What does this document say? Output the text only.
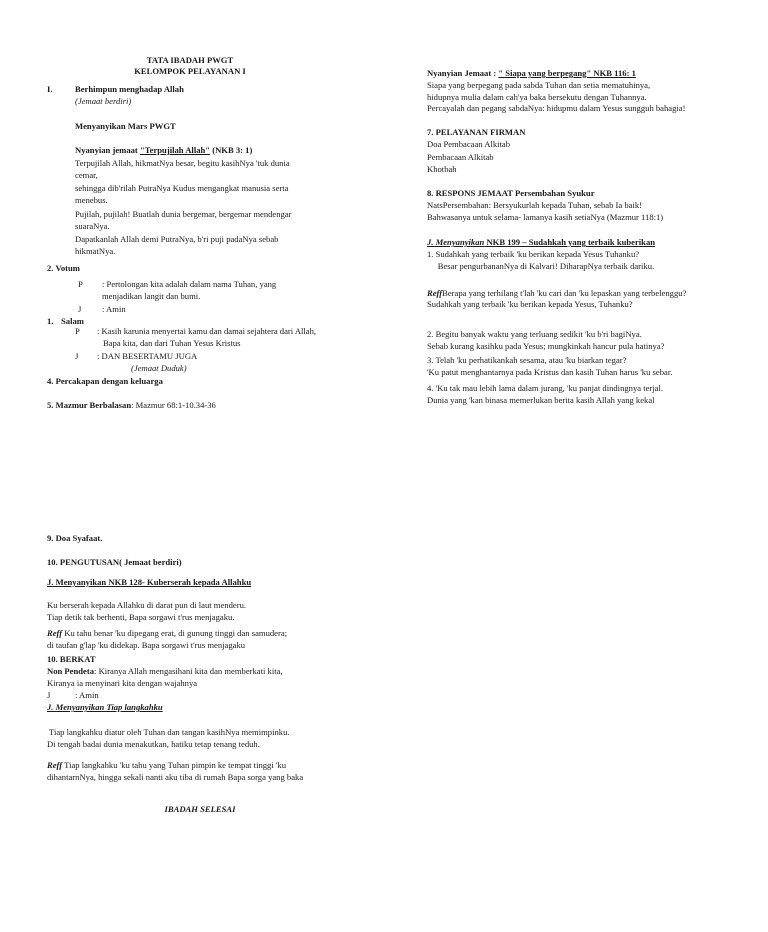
TATA IBADAH PWGT
KELOMPOK PELAYANAN I
I.	Berhimpun menghadap Allah
(Jemaat berdiri)
Menyanyikan Mars PWGT
Nyanyian jemaat "Terpujilah Allah" (NKB 3: 1)
Terpujilah Allah, hikmatNya besar, begitu kasihNya 'tuk dunia
cemar,
sehingga dib'rilah PutraNya Kudus mengangkat manusia serta
menebus.
Pujilah, pujilah! Buatlah dunia bergemar, bergemar mendengar
suaraNya.
Dapatkanlah Allah demi PutraNya, b'ri puji padaNya sebab
hikmatNya.
2. Votum
P : Pertolongan kita adalah dalam nama Tuhan, yang
menjadikan langit dan bumi.
J : Amin
1. Salam
P : Kasih karunia menyertai kamu dan damai sejahtera dari Allah,
Bapa kita, dan dari Tuhan Yesus Kristus
J : DAN BESERTAMU JUGA
(Jemaat Duduk)
4. Percakapan dengan keluarga
5. Mazmur Berbalasan: Mazmur 68:1-10.34-36
Nyanyian Jemaat : " Siapa yang berpegang" NKB 116: 1
Siapa yang berpegang pada sabda Tuhan dan setia mematuhinya,
hidupnya mulia dalam cah'ya baka bersekutu dengan Tuhannya.
Percayalah dan pegang sabdaNya: hidupmu dalam Yesus sungguh bahagia!
7. PELAYANAN FIRMAN
Doa Pembacaan Alkitab
Pembacaan Alkitab
Khotbah
8. RESPONS JEMAAT Persembahan Syukur
NatsPersembahan: Bersyukurlah kepada Tuhan, sebab Ia baik!
Bahwasanya untuk selama- lamanya kasih setiaNya (Mazmur 118:1)
J. Menyanyikan NKB 199 – Sudahkah yang terbaik kuberikan
1. Sudahkah yang terbaik 'ku berikan kepada Yesus Tuhanku?
Besar pengurbananNya di Kalvari! DiharapNya terbaik dariku.
ReffBerapa yang terhilang t'lah 'ku cari dan 'ku lepaskan yang terbelenggu?
Sudahkah yang terbaik 'ku berikan kepada Yesus, Tuhanku?
2. Begitu banyak waktu yang terluang sedikit 'ku b'ri bagiNya.
Sebab kurang kasihku pada Yesus; mungkinkah hancur pula hatinya?
3. Telah 'ku perhatikankah sesama, atau 'ku biarkan tegar?
'Ku patut menghantarnya pada Kristus dan kasih Tuhan harus 'ku sebar.
4. 'Ku tak mau lebih lama dalam jurang, 'ku panjat dindingnya terjal.
Dunia yang 'kan binasa memerlukan berita kasih Allah yang kekal
9. Doa Syafaat.
10. PENGUTUSAN( Jemaat berdiri)
J. Menyanyikan NKB 128- Kuberserah kepada Allahku
Ku berserah kepada Allahku di darat pun di laut menderu.
Tiap detik tak berhenti, Bapa sorgawi t'rus menjagaku.
Reff Ku tahu benar 'ku dipegang erat, di gunung tinggi dan samudera;
di taufan g'lap 'ku didekap. Bapa sorgawi t'rus menjagaku
10. BERKAT
Non Pendeta: Kiranya Allah mengasihani kita dan memberkati kita,
Kiranya ia menyinari kita dengan wajahnya
J	: Amin
J. Menyanyikan Tiap langkahku
Tiap langkahku diatur oleh Tuhan dan tangan kasihNya memimpinku.
Di tengah badai dunia menakutkan, hatiku tetap tenang teduh.
Reff Tiap langkahku 'ku tahu yang Tuhan pimpin ke tempat tinggi 'ku
dihantarnNya, hingga sekali nanti aku tiba di rumah Bapa sorga yang baka
IBADAH SELESAI
